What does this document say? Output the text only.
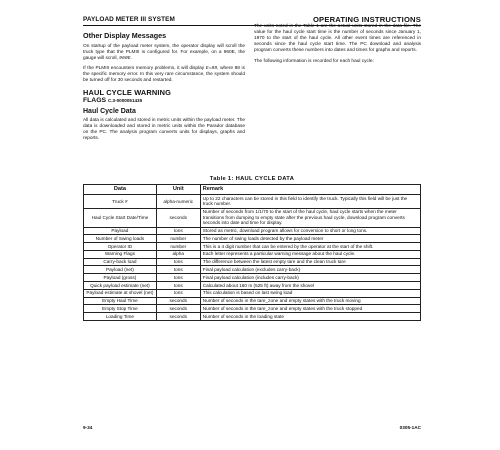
PAYLOAD METER III SYSTEM	OPERATING INSTRUCTIONS
Other Display Messages

On startup of the payload meter system, the operator display will scroll the truck type that the PLMIII is configured for. For example, on a 960E, the gauge will scroll, 960E.

If the PLMIII encounters memory problems, it will display E=88, where 88 is the specific memory error. In this very rare circumstance, the system should be turned off for 30 seconds and restarted.

HAUL CYCLE WARNING
FLAGS C.3-0000051435
Haul Cycle Data

All data is calculated and stored in metric units within the payload meter. The data is downloaded and stored in metric units within the Parador database on the PC. The analysis program converts units for displays, graphs and reports.

The units noted in the Table 1 are the actual units stored in the data file. The value for the haul cycle start time is the number of seconds since January 1, 1970 to the start of the haul cycle. All other event times are referenced in seconds since the haul cycle start time. The PC download and analysis program converts these numbers into dates and times for graphs and reports.

The following information is recorded for each haul cycle:

Table 1: HAUL CYCLE DATA
Data	Unit	Remark
Truck #	alpha-numeric	Up to 22 characters can be stored in this field to identify the truck. Typically this field will be just the truck number.
Haul Cycle Start Date/Time	seconds	Number of seconds from 1/1/70 to the start of the haul cycle, haul cycle starts when the meter transitions from dumping to empty state after the previous haul cycle, download program converts seconds into date and time for display.
Payload	tons	Stored as metric, download program allows for conversion to short or long tons.
Number of Swing loads	number	The number of swing loads detected by the payload meter
Operator ID	number	This is a 4 digit number that can be entered by the operator at the start of the shift.
Warning Flags	alpha	Each letter represents a particular warning message about the haul cycle.
Carry-back load	tons	The difference between the latest empty tare and the clean truck tare
Payload (net)	tons	Final payload calculation (excludes carry-back)
Payload (gross)	tons	Final payload calculation (includes carry-back)
Quick payload estimate (net)	tons	Calculated about 160 m (525 ft) away from the shovel
Payload estimate at shovel (net)	tons	This calculation is based on last swing load
Empty Haul Time	seconds	Number of seconds in the tare_zone and empty states with the truck moving
Empty Stop Time	seconds	Number of seconds in the tare_zone and empty states with the truck stopped
Loading Time	seconds	Number of seconds in the loading state
9-34	0305-1AC
